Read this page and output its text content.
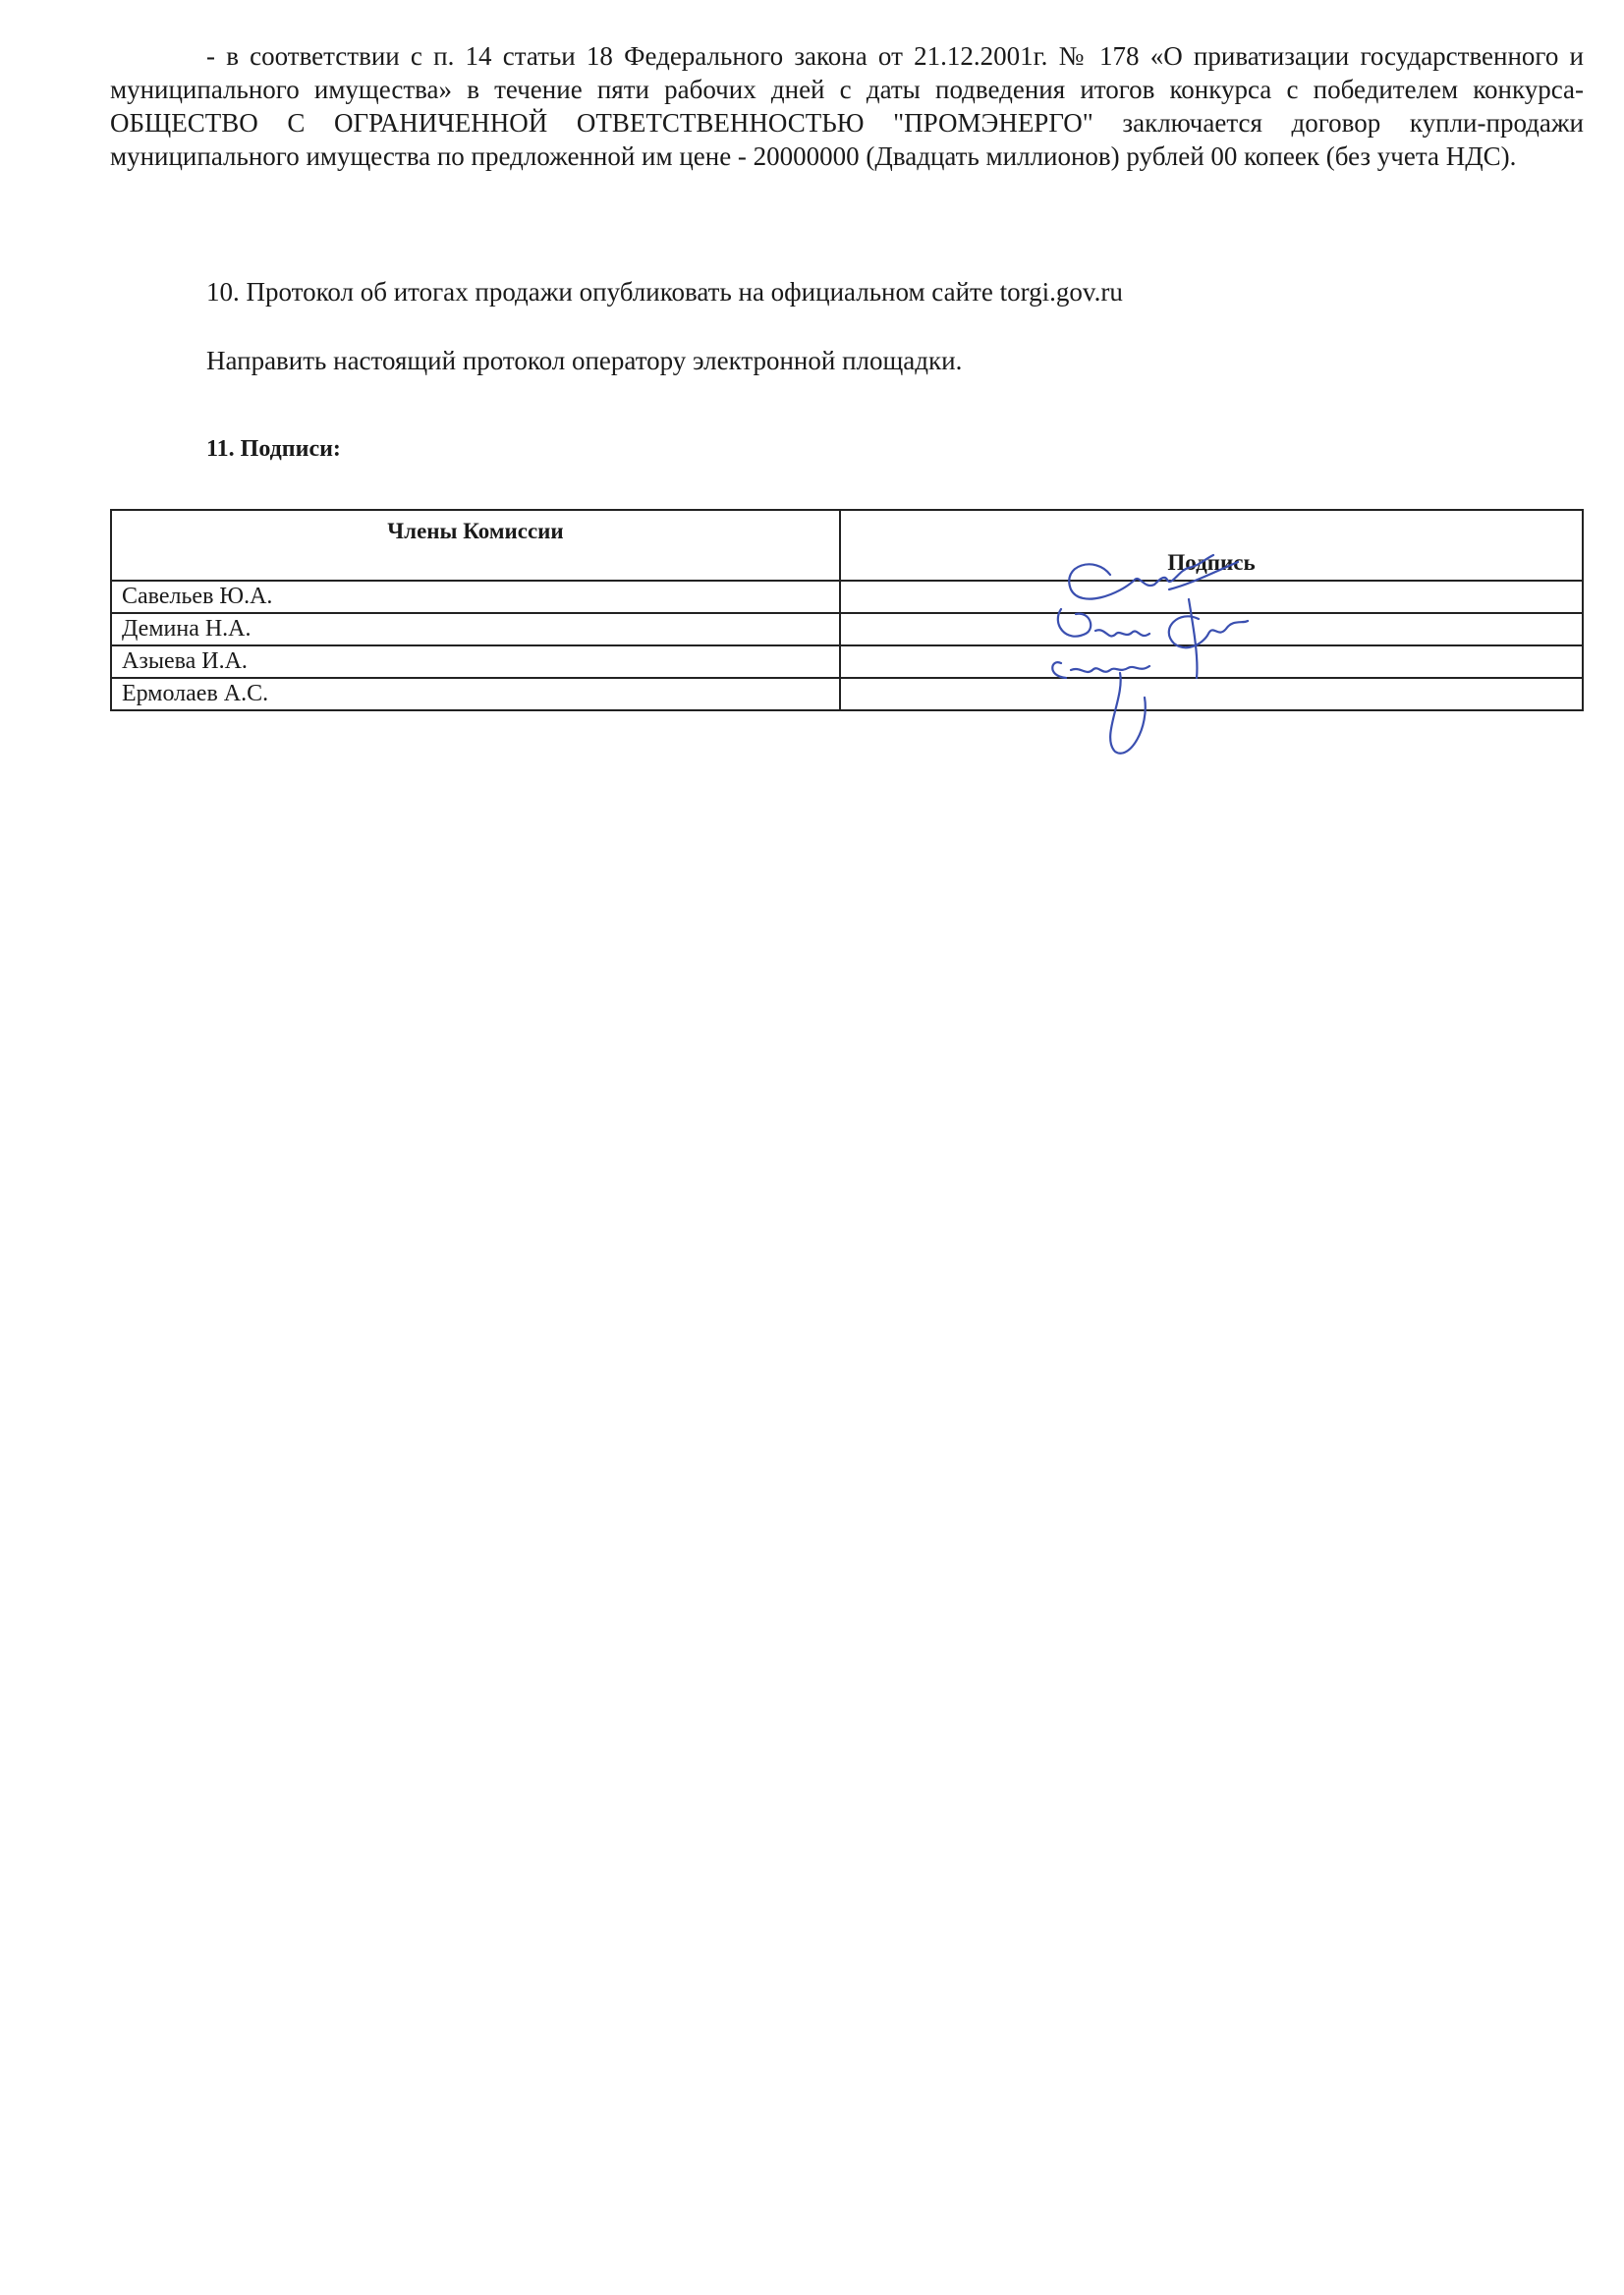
- в соответствии с п. 14 статьи 18 Федерального закона от 21.12.2001г. № 178 «О приватизации государственного и муниципального имущества» в течение пяти рабочих дней с даты подведения итогов конкурса с победителем конкурса- ОБЩЕСТВО С ОГРАНИЧЕННОЙ ОТВЕТСТВЕННОСТЬЮ "ПРОМЭНЕРГО" заключается договор купли-продажи муниципального имущества по предложенной им цене - 20000000 (Двадцать миллионов) рублей 00 копеек (без учета НДС).

10. Протокол об итогах продажи опубликовать на официальном сайте torgi.gov.ru
Направить настоящий протокол оператору электронной площадки.
11. Подписи:
Члены Комиссии	Подпись
Савельев Ю.А.	
Демина Н.А.	
Азыева И.А.	
Ермолаев А.С.	
